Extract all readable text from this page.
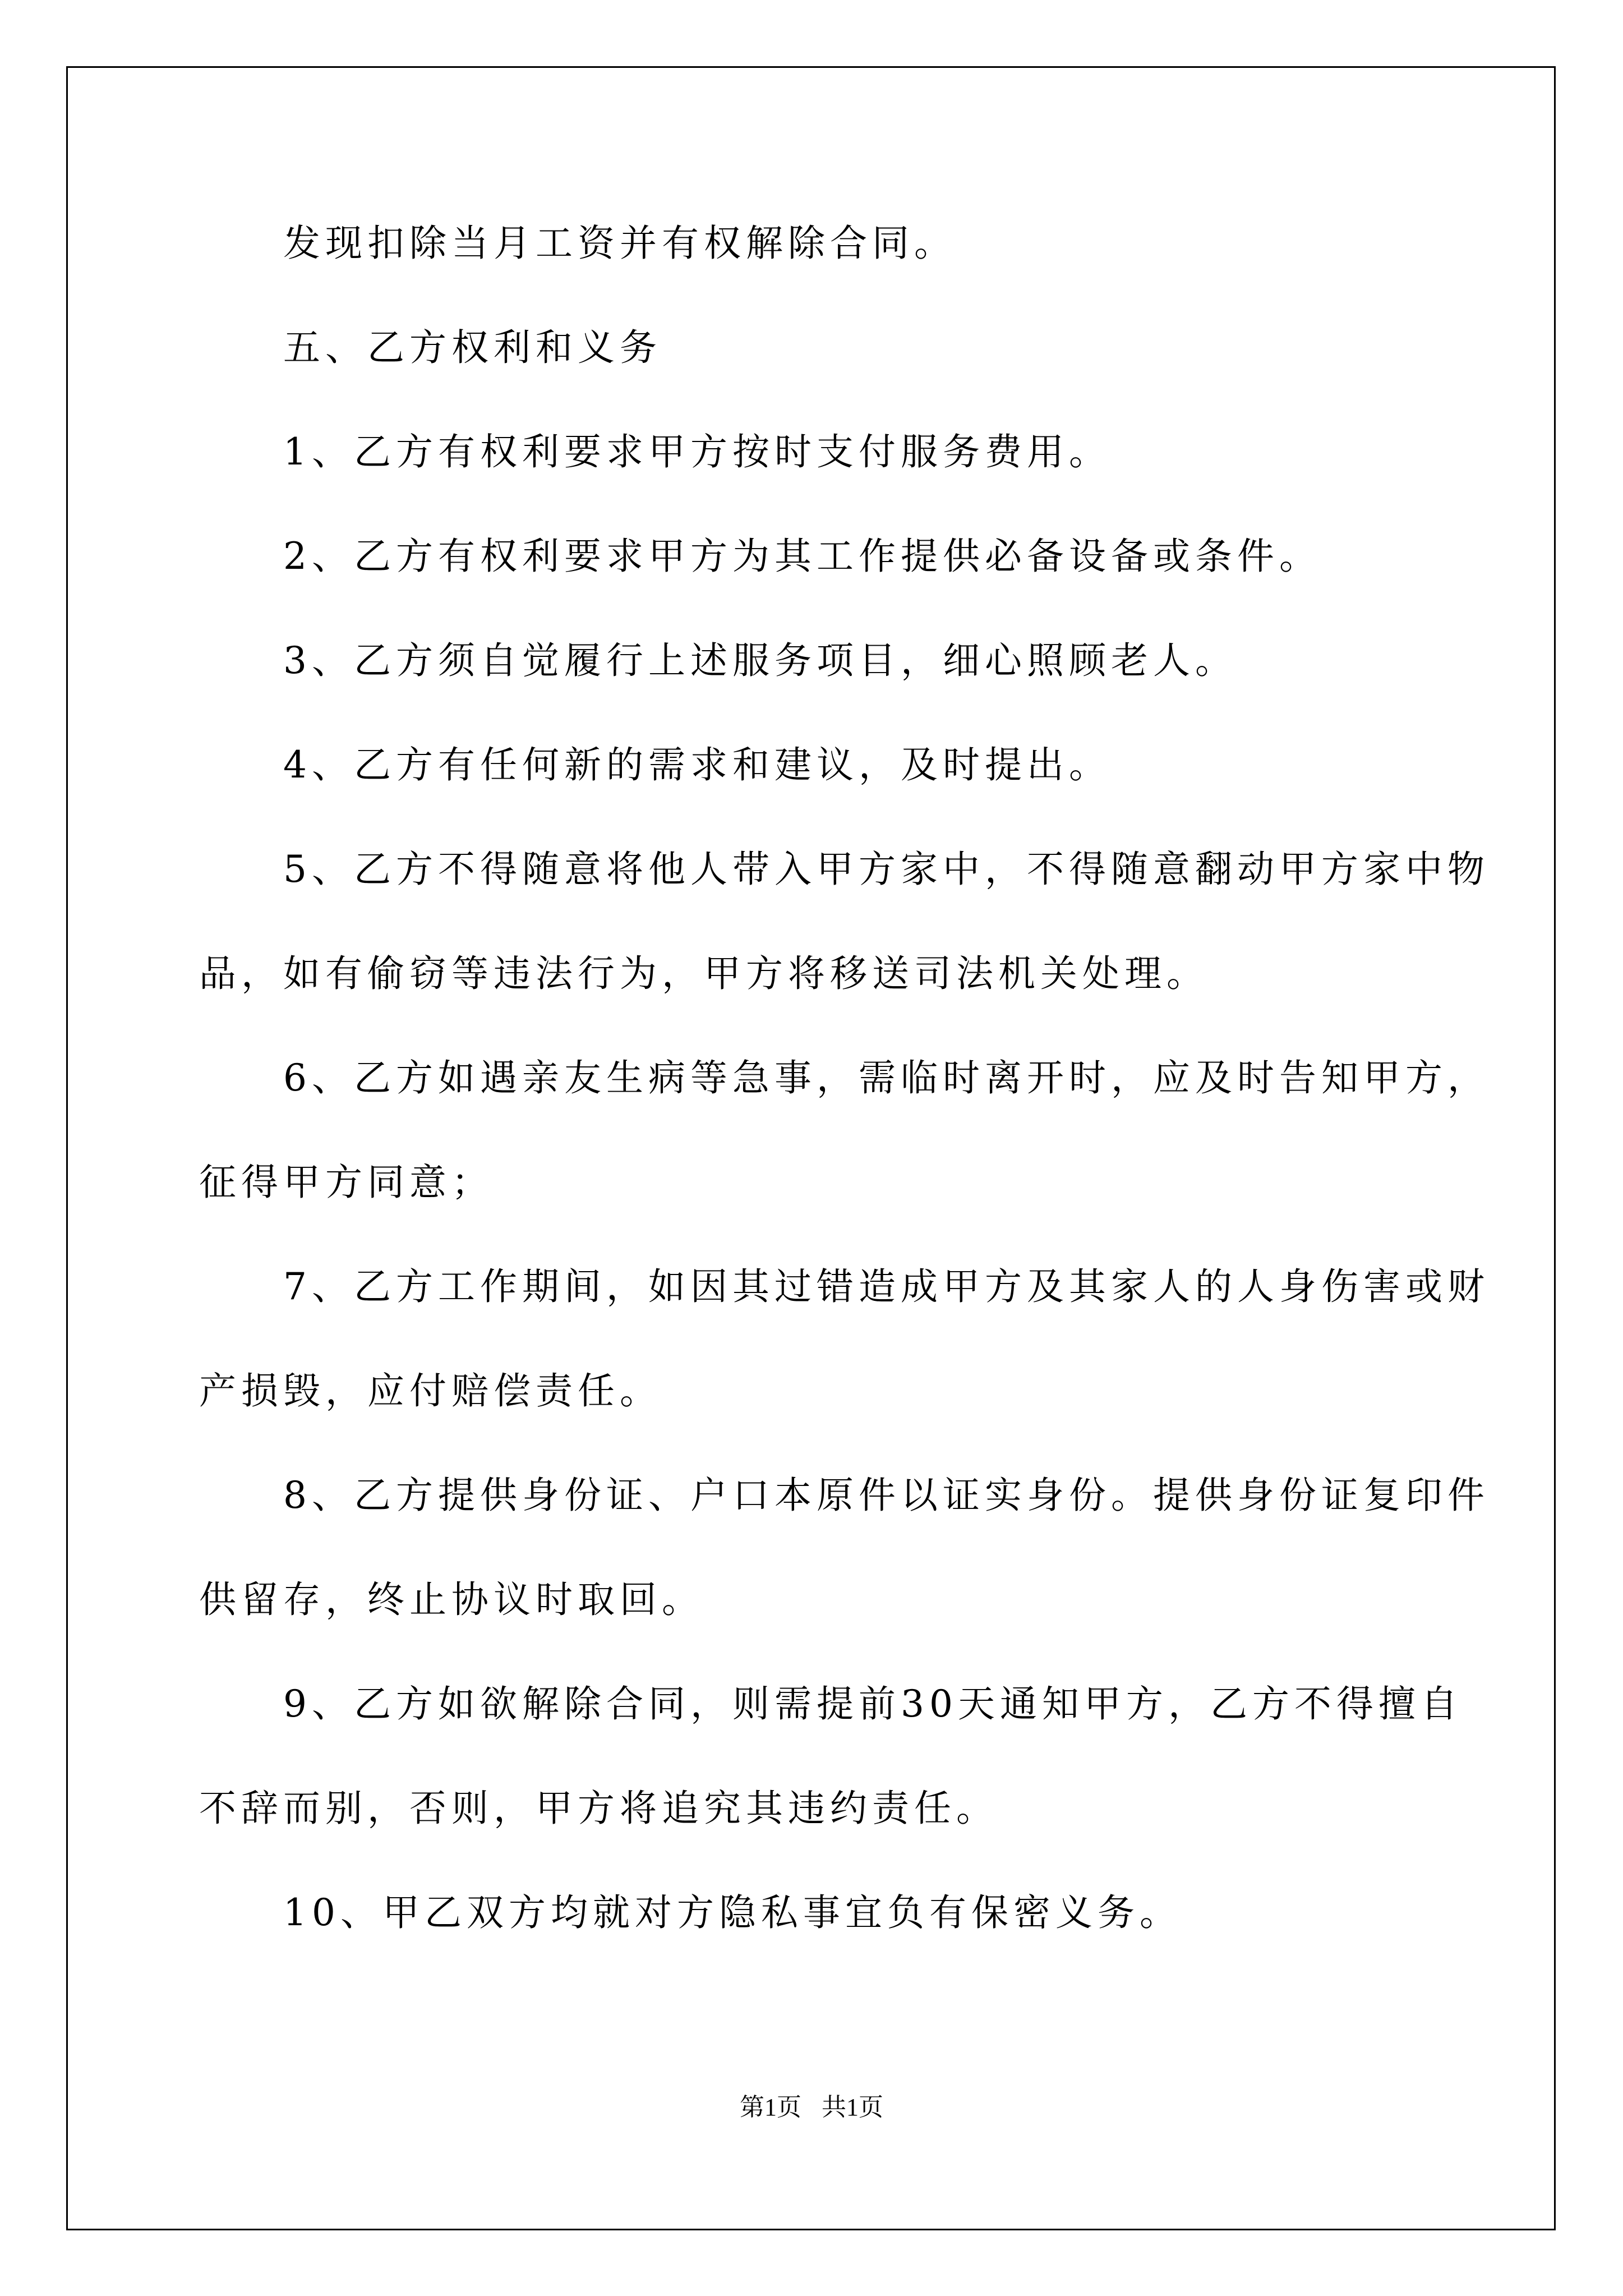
发现扣除当月工资并有权解除合同。
五、乙方权利和义务
1、乙方有权利要求甲方按时支付服务费用。
2、乙方有权利要求甲方为其工作提供必备设备或条件。
3、乙方须自觉履行上述服务项目，细心照顾老人。
4、乙方有任何新的需求和建议，及时提出。
5、乙方不得随意将他人带入甲方家中，不得随意翻动甲方家中物
品，如有偷窃等违法行为，甲方将移送司法机关处理。
6、乙方如遇亲友生病等急事，需临时离开时，应及时告知甲方，
征得甲方同意；
7、乙方工作期间，如因其过错造成甲方及其家人的人身伤害或财
产损毁，应付赔偿责任。
8、乙方提供身份证、户口本原件以证实身份。提供身份证复印件
供留存，终止协议时取回。
9、乙方如欲解除合同，则需提前30天通知甲方，乙方不得擅自
不辞而别，否则，甲方将追究其违约责任。
10、甲乙双方均就对方隐私事宜负有保密义务。
第1页 共1页
